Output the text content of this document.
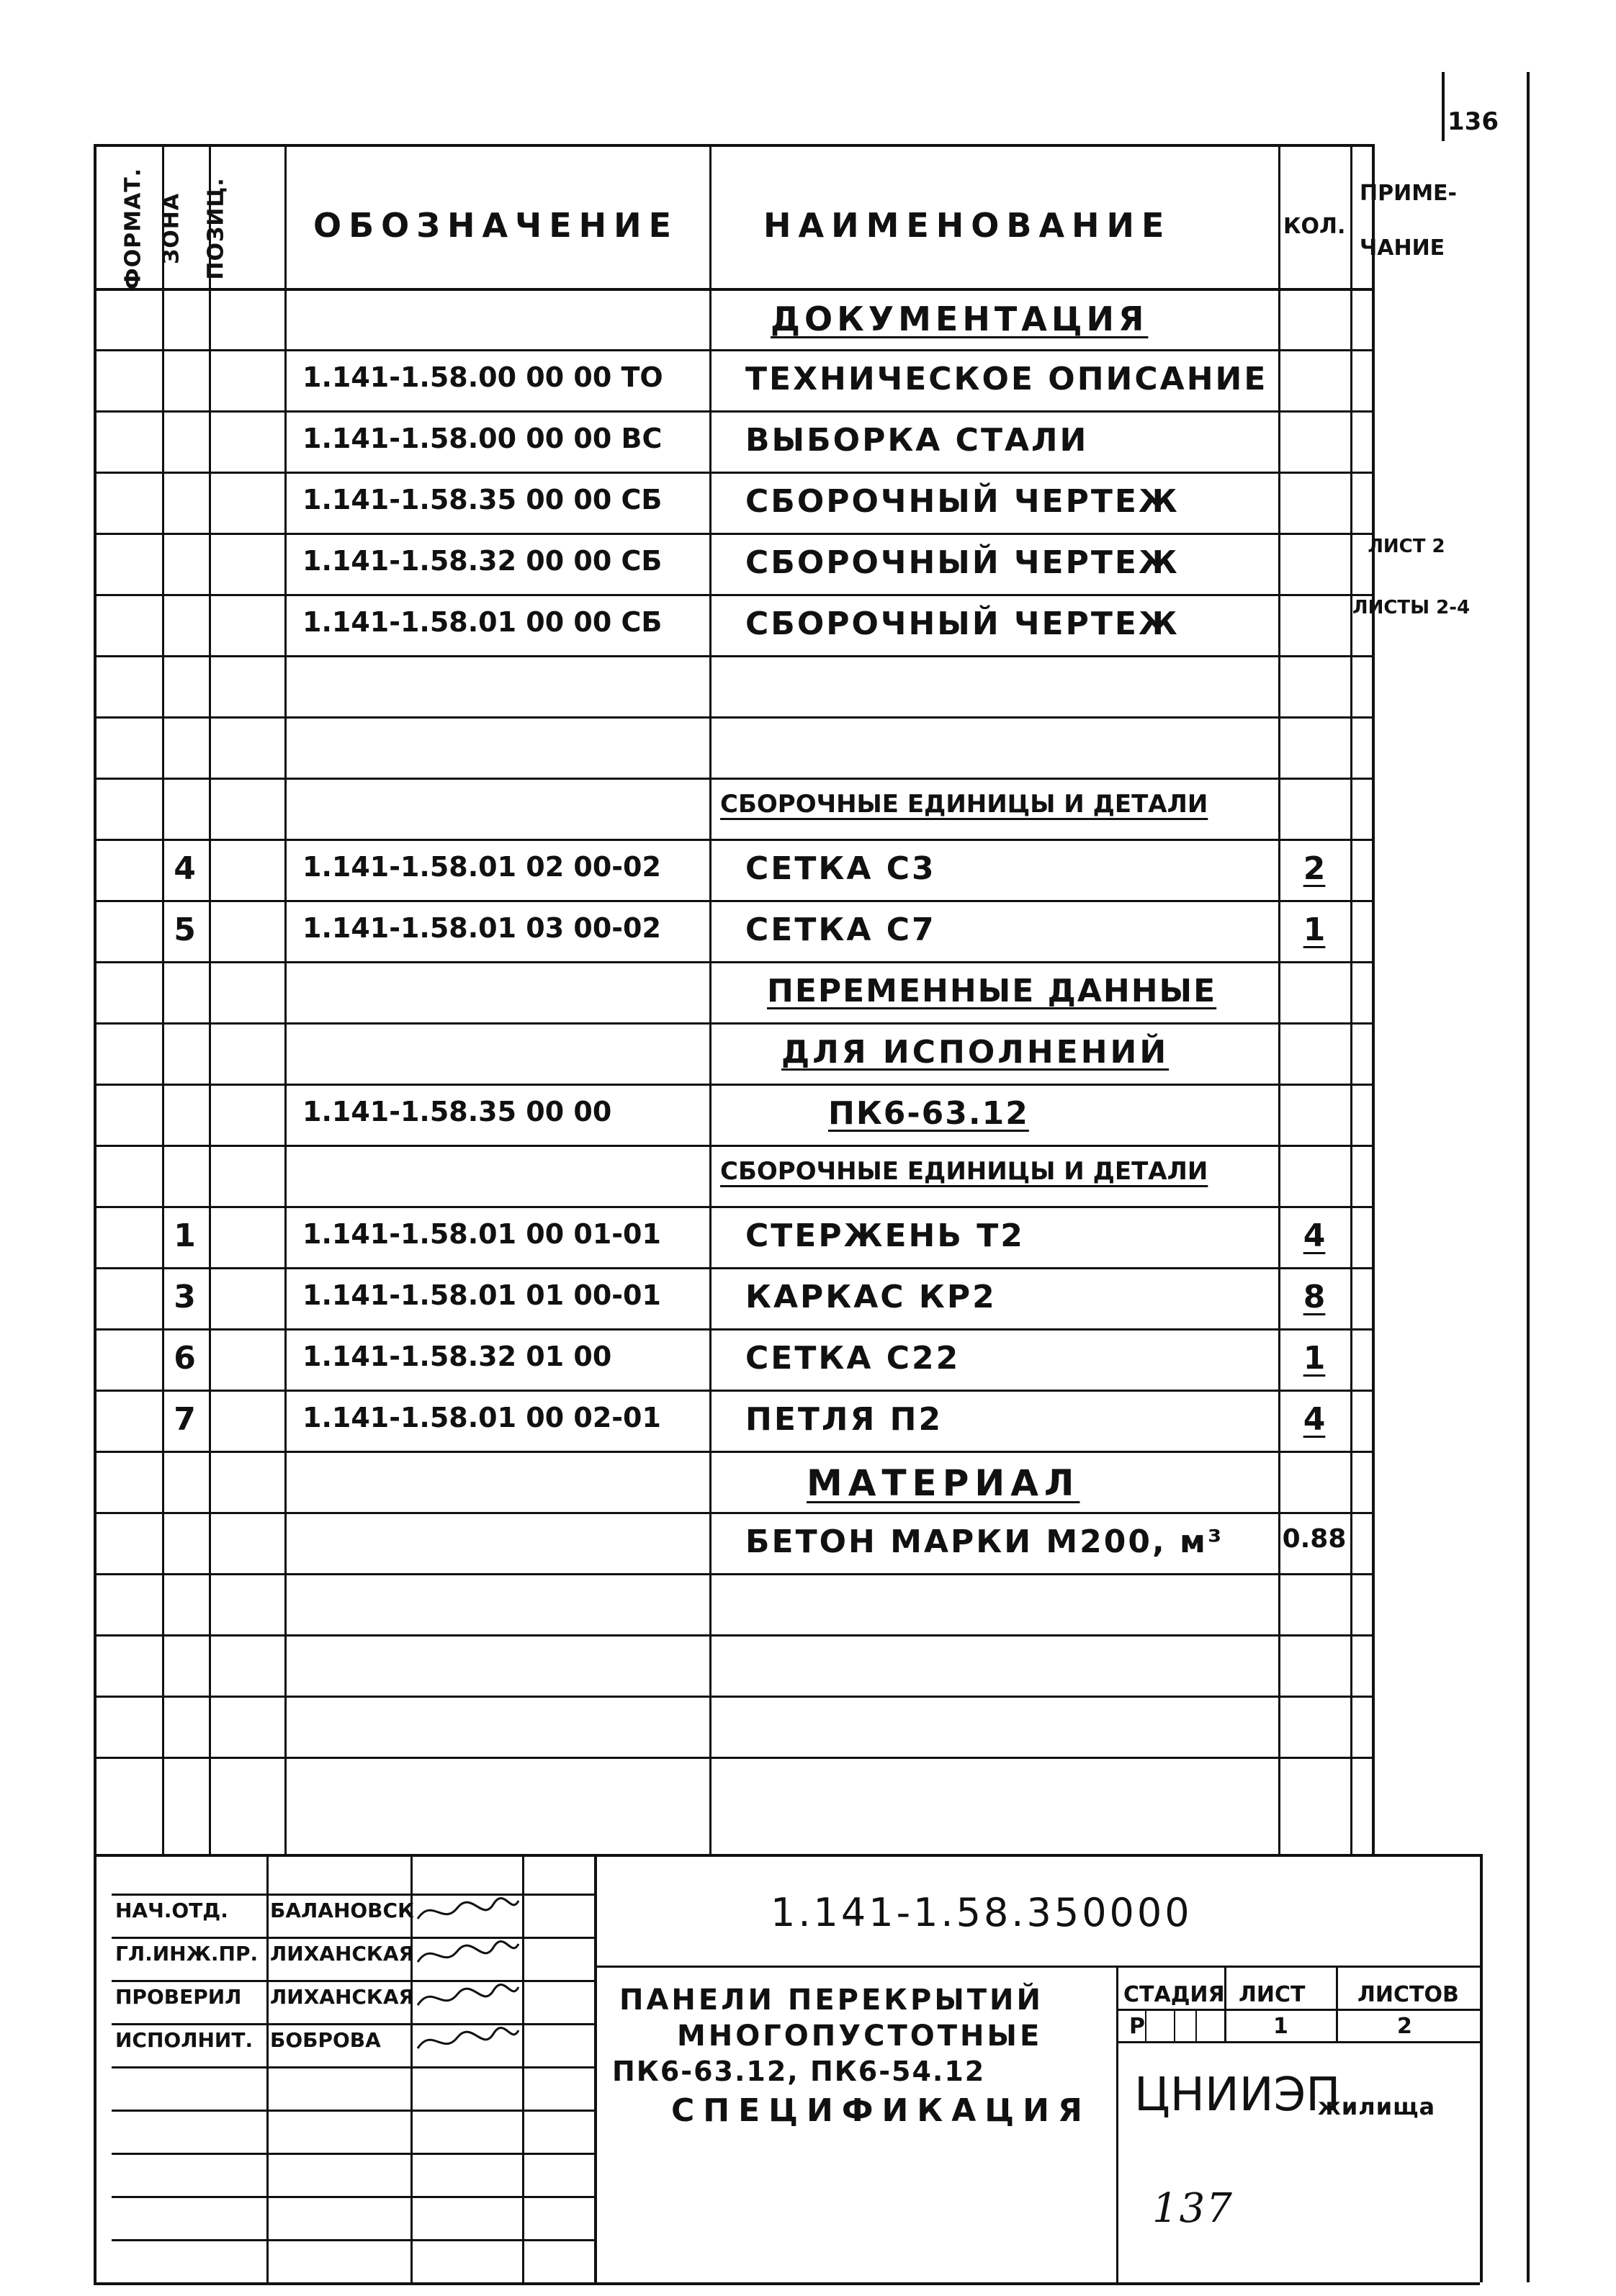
136
ФОРМАТ. ЗОНА ПОЗИЦ.	ОБОЗНАЧЕНИЕ	НАИМЕНОВАНИЕ	КОЛ.
ПРИМЕ-
ЧАНИЕ
ДОКУМЕНТАЦИЯ
1.141-1.58.00 00 00 ТО	ТЕХНИЧЕСКОЕ ОПИСАНИЕ
1.141-1.58.00 00 00 ВС	ВЫБОРКА СТАЛИ
1.141-1.58.35 00 00 СБ	СБОРОЧНЫЙ ЧЕРТЕЖ
1.141-1.58.32 00 00 СБ	СБОРОЧНЫЙ ЧЕРТЕЖ	ЛИСТ 2
1.141-1.58.01 00 00 СБ	СБОРОЧНЫЙ ЧЕРТЕЖ	ЛИСТЫ 2-4
СБОРОЧНЫЕ ЕДИНИЦЫ И ДЕТАЛИ
4	1.141-1.58.01 02 00-02	СЕТКА С3	2
5	1.141-1.58.01 03 00-02	СЕТКА С7	1
ПЕРЕМЕННЫЕ ДАННЫЕ
ДЛЯ ИСПОЛНЕНИЙ
1.141-1.58.35 00 00	ПК6-63.12
СБОРОЧНЫЕ ЕДИНИЦЫ И ДЕТАЛИ
1	1.141-1.58.01 00 01-01	СТЕРЖЕНЬ Т2	4
3	1.141-1.58.01 01 00-01	КАРКАС КР2	8
6	1.141-1.58.32 01 00	СЕТКА С22	1
7	1.141-1.58.01 00 02-01	ПЕТЛЯ П2	4
МАТЕРИАЛ
БЕТОН МАРКИ М200, м³ 0.88
1.141-1.58.350000
ПАНЕЛИ ПЕРЕКРЫТИЙ
МНОГОПУСТОТНЫЕ
ПК6-63.12, ПК6-54.12
СПЕЦИФИКАЦИЯ
СТАДИЯ ЛИСТ ЛИСТОВ
Р	1	2
ЦНИИЭП
жилища
НАЧ.ОТД. БАЛАНОВСК
ГЛ.ИНЖ.ПР. ЛИХАНСКАЯ
ПРОВЕРИЛ ЛИХАНСКАЯ
ИСПОЛНИТ. БОБРОВА
137
